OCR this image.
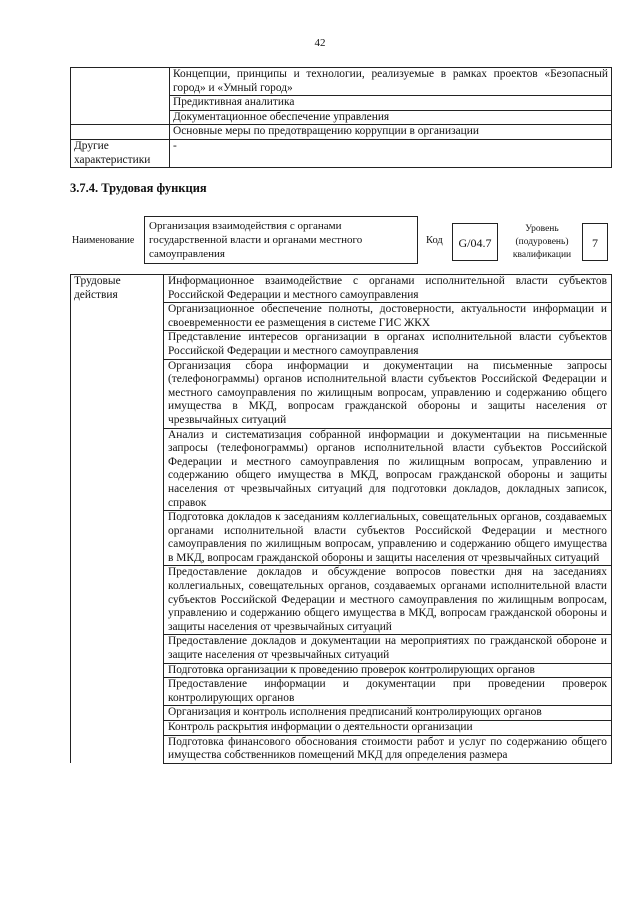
42
	Концепции, принципы и технологии, реализуемые в рамках проектов «Безопасный город» и «Умный город»
	Предиктивная аналитика
	Документационное обеспечение управления
	Основные меры по предотвращению коррупции в организации
Другие характеристики	-
3.7.4. Трудовая функция
Наименование
Организация взаимодействия с органами государственной власти и органами местного самоуправления
Код	G/04.7
Уровень (подуровень) квалификации
7
Трудовые действия	Информационное взаимодействие с органами исполнительной власти субъектов Российской Федерации и местного самоуправления
Организационное обеспечение полноты, достоверности, актуальности информации и своевременности ее размещения в системе ГИС ЖКХ
Представление интересов организации в органах исполнительной власти субъектов Российской Федерации и местного самоуправления
Организация сбора информации и документации на письменные запросы (телефонограммы) органов исполнительной власти субъектов Российской Федерации и местного самоуправления по жилищным вопросам, управлению и содержанию общего имущества в МКД, вопросам гражданской обороны и защиты населения от чрезвычайных ситуаций
Анализ и систематизация собранной информации и документации на письменные запросы (телефонограммы) органов исполнительной власти субъектов Российской Федерации и местного самоуправления по жилищным вопросам, управлению и содержанию общего имущества в МКД, вопросам гражданской обороны и защиты населения от чрезвычайных ситуаций для подготовки докладов, докладных записок, справок
Подготовка докладов к заседаниям коллегиальных, совещательных органов, создаваемых органами исполнительной власти субъектов Российской Федерации и местного самоуправления по жилищным вопросам, управлению и содержанию общего имущества в МКД, вопросам гражданской обороны и защиты населения от чрезвычайных ситуаций
Предоставление докладов и обсуждение вопросов повестки дня на заседаниях коллегиальных, совещательных органов, создаваемых органами исполнительной власти субъектов Российской Федерации и местного самоуправления по жилищным вопросам, управлению и содержанию общего имущества в МКД, вопросам гражданской обороны и защиты населения от чрезвычайных ситуаций
Предоставление докладов и документации на мероприятиях по гражданской обороне и защите населения от чрезвычайных ситуаций
Подготовка организации к проведению проверок контролирующих органов
Предоставление информации и документации при проведении проверок контролирующих органов
Организация и контроль исполнения предписаний контролирующих органов
Контроль раскрытия информации о деятельности организации
Подготовка финансового обоснования стоимости работ и услуг по содержанию общего имущества собственников помещений МКД для определения размера
